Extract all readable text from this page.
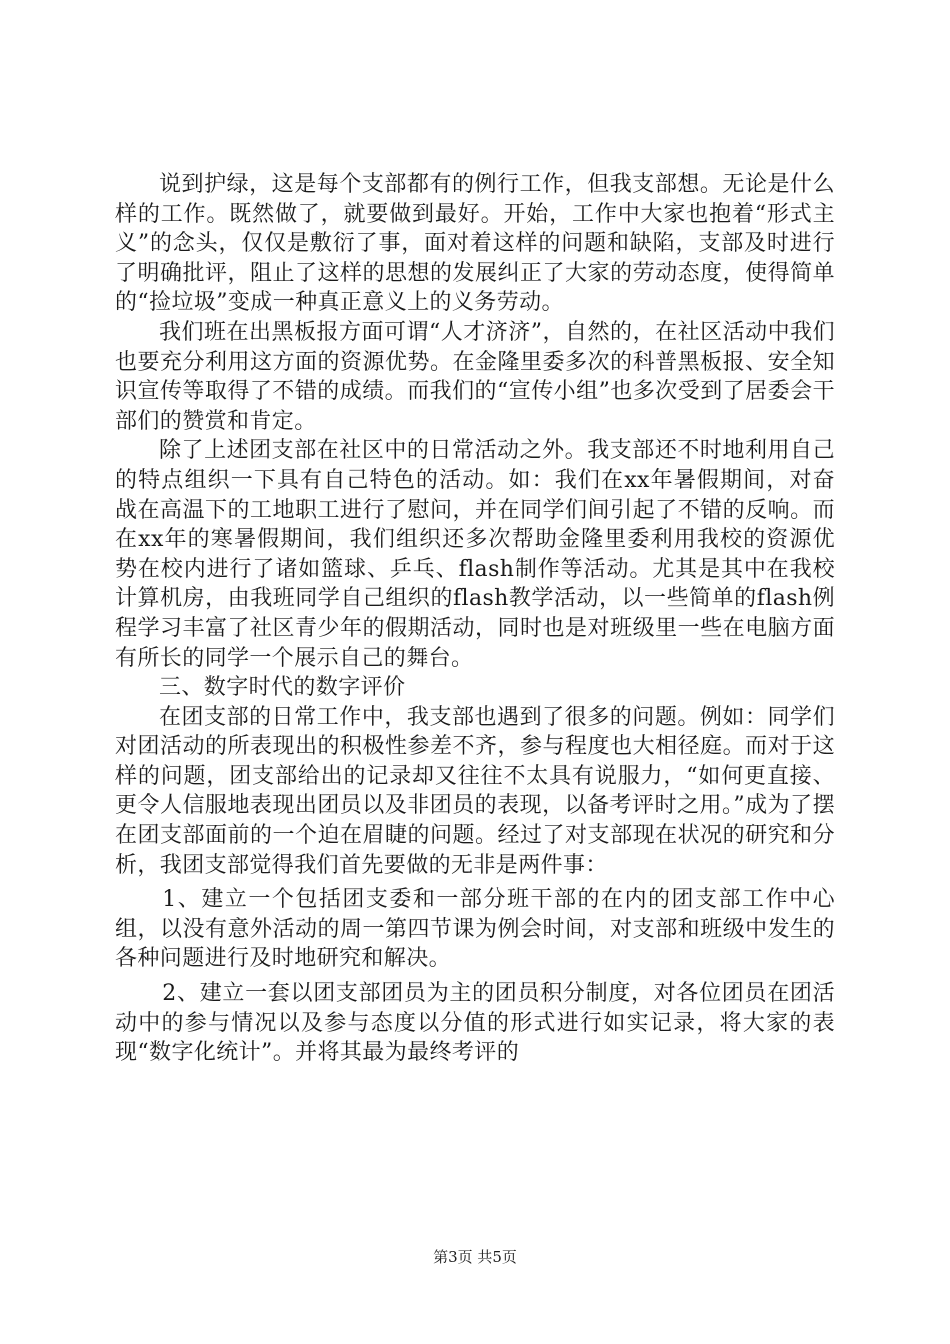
说到护绿，这是每个支部都有的例行工作，但我支部想。无论是什么样的工作。既然做了，就要做到最好。开始，工作中大家也抱着“形式主义”的念头，仅仅是敷衍了事，面对着这样的问题和缺陷，支部及时进行了明确批评，阻止了这样的思想的发展纠正了大家的劳动态度，使得简单的“捡垃圾”变成一种真正意义上的义务劳动。

我们班在出黑板报方面可谓“人才济济”，自然的，在社区活动中我们也要充分利用这方面的资源优势。在金隆里委多次的科普黑板报、安全知识宣传等取得了不错的成绩。而我们的“宣传小组”也多次受到了居委会干部们的赞赏和肯定。

除了上述团支部在社区中的日常活动之外。我支部还不时地利用自己的特点组织一下具有自己特色的活动。如：我们在xx年暑假期间，对奋战在高温下的工地职工进行了慰问，并在同学们间引起了不错的反响。而在xx年的寒暑假期间，我们组织还多次帮助金隆里委利用我校的资源优势在校内进行了诸如篮球、乒乓、flash制作等活动。尤其是其中在我校计算机房，由我班同学自己组织的flash教学活动，以一些简单的flash例程学习丰富了社区青少年的假期活动，同时也是对班级里一些在电脑方面有所长的同学一个展示自己的舞台。

三、数字时代的数字评价

在团支部的日常工作中，我支部也遇到了很多的问题。例如：同学们对团活动的所表现出的积极性参差不齐，参与程度也大相径庭。而对于这样的问题，团支部给出的记录却又往往不太具有说服力，“如何更直接、更令人信服地表现出团员以及非团员的表现，以备考评时之用。”成为了摆在团支部面前的一个迫在眉睫的问题。经过了对支部现在状况的研究和分析，我团支部觉得我们首先要做的无非是两件事：

1、建立一个包括团支委和一部分班干部的在内的团支部工作中心组，以没有意外活动的周一第四节课为例会时间，对支部和班级中发生的各种问题进行及时地研究和解决。

2、建立一套以团支部团员为主的团员积分制度，对各位团员在团活动中的参与情况以及参与态度以分值的形式进行如实记录，将大家的表现“数字化统计”。并将其最为最终考评的

第3页 共5页
